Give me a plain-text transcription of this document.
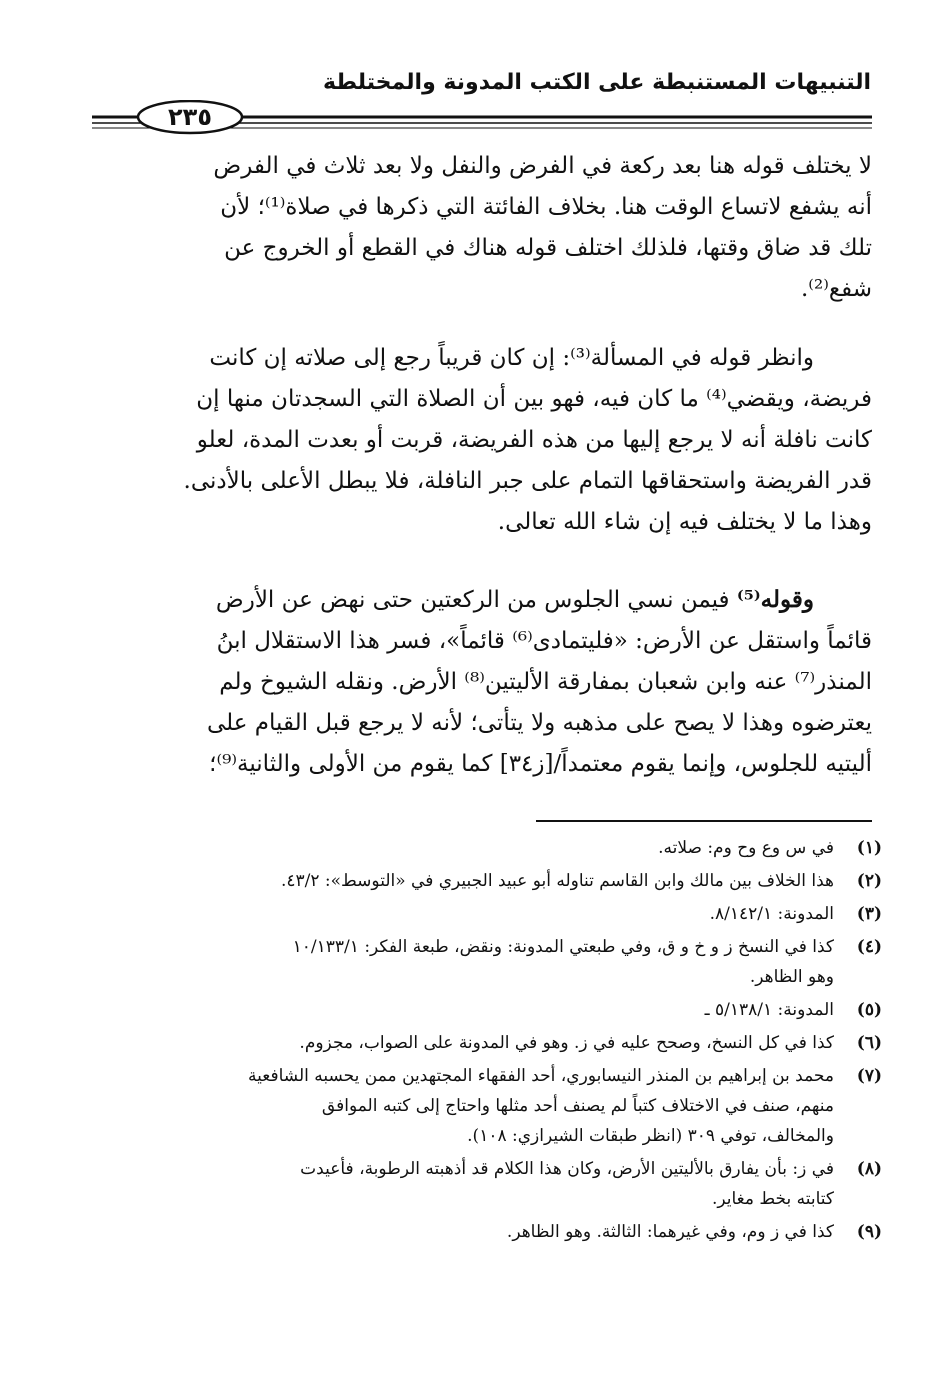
التنبيهات المستنبطة على الكتب المدونة والمختلطة
٢٣٥
لا يختلف قوله هنا بعد ركعة في الفرض والنفل ولا بعد ثلاث في الفرض
أنه يشفع لاتساع الوقت هنا. بخلاف الفائتة التي ذكرها في صلاة⁽¹⁾؛ لأن
تلك قد ضاق وقتها، فلذلك اختلف قوله هناك في القطع أو الخروج عن
شفع⁽²⁾.
وانظر قوله في المسألة⁽³⁾: إن كان قريباً رجع إلى صلاته إن كانت
فريضة، ويقضي⁽⁴⁾ ما كان فيه، فهو بين أن الصلاة التي السجدتان منها إن
كانت نافلة أنه لا يرجع إليها من هذه الفريضة، قربت أو بعدت المدة، لعلو
قدر الفريضة واستحقاقها التمام على جبر النافلة، فلا يبطل الأعلى بالأدنى.
وهذا ما لا يختلف فيه إن شاء الله تعالى.
وقوله⁽⁵⁾ فيمن نسي الجلوس من الركعتين حتى نهض عن الأرض
قائماً واستقل عن الأرض: «فليتمادى⁽⁶⁾ قائماً»، فسر هذا الاستقلال ابنُ
المنذر⁽⁷⁾ عنه وابن شعبان بمفارقة الأليتين⁽⁸⁾ الأرض. ونقله الشيوخ ولم
يعترضوه وهذا لا يصح على مذهبه ولا يتأتى؛ لأنه لا يرجع قبل القيام على
أليتيه للجلوس، وإنما يقوم معتمداً/[ز٣٤] كما يقوم من الأولى والثانية⁽⁹⁾؛
(١)
في س وع وح وم: صلاته.
(٢)
هذا الخلاف بين مالك وابن القاسم تناوله أبو عبيد الجبيري في «التوسط»: ٤٣/٢.
(٣)
المدونة: ٨/١٤٢/١.
(٤)
كذا في النسخ ز و خ و ق، وفي طبعتي المدونة: ونقض، طبعة الفكر: ١٠/١٣٣/١
وهو الظاهر.
(٥)
المدونة: ٥/١٣٨/١ ـ
(٦)
كذا في كل النسخ، وصحح عليه في ز. وهو في المدونة على الصواب، مجزوم.
(٧)
محمد بن إبراهيم بن المنذر النيسابوري، أحد الفقهاء المجتهدين ممن يحسبه الشافعية
منهم، صنف في الاختلاف كتباً لم يصنف أحد مثلها واحتاج إلى كتبه الموافق
والمخالف، توفي ٣٠٩ (انظر طبقات الشيرازي: ١٠٨).
(٨)
في ز: بأن يفارق بالأليتين الأرض، وكان هذا الكلام قد أذهبته الرطوبة، فأعيدت
كتابته بخط مغاير.
(٩)
كذا في ز وم، وفي غيرهما: الثالثة. وهو الظاهر.
